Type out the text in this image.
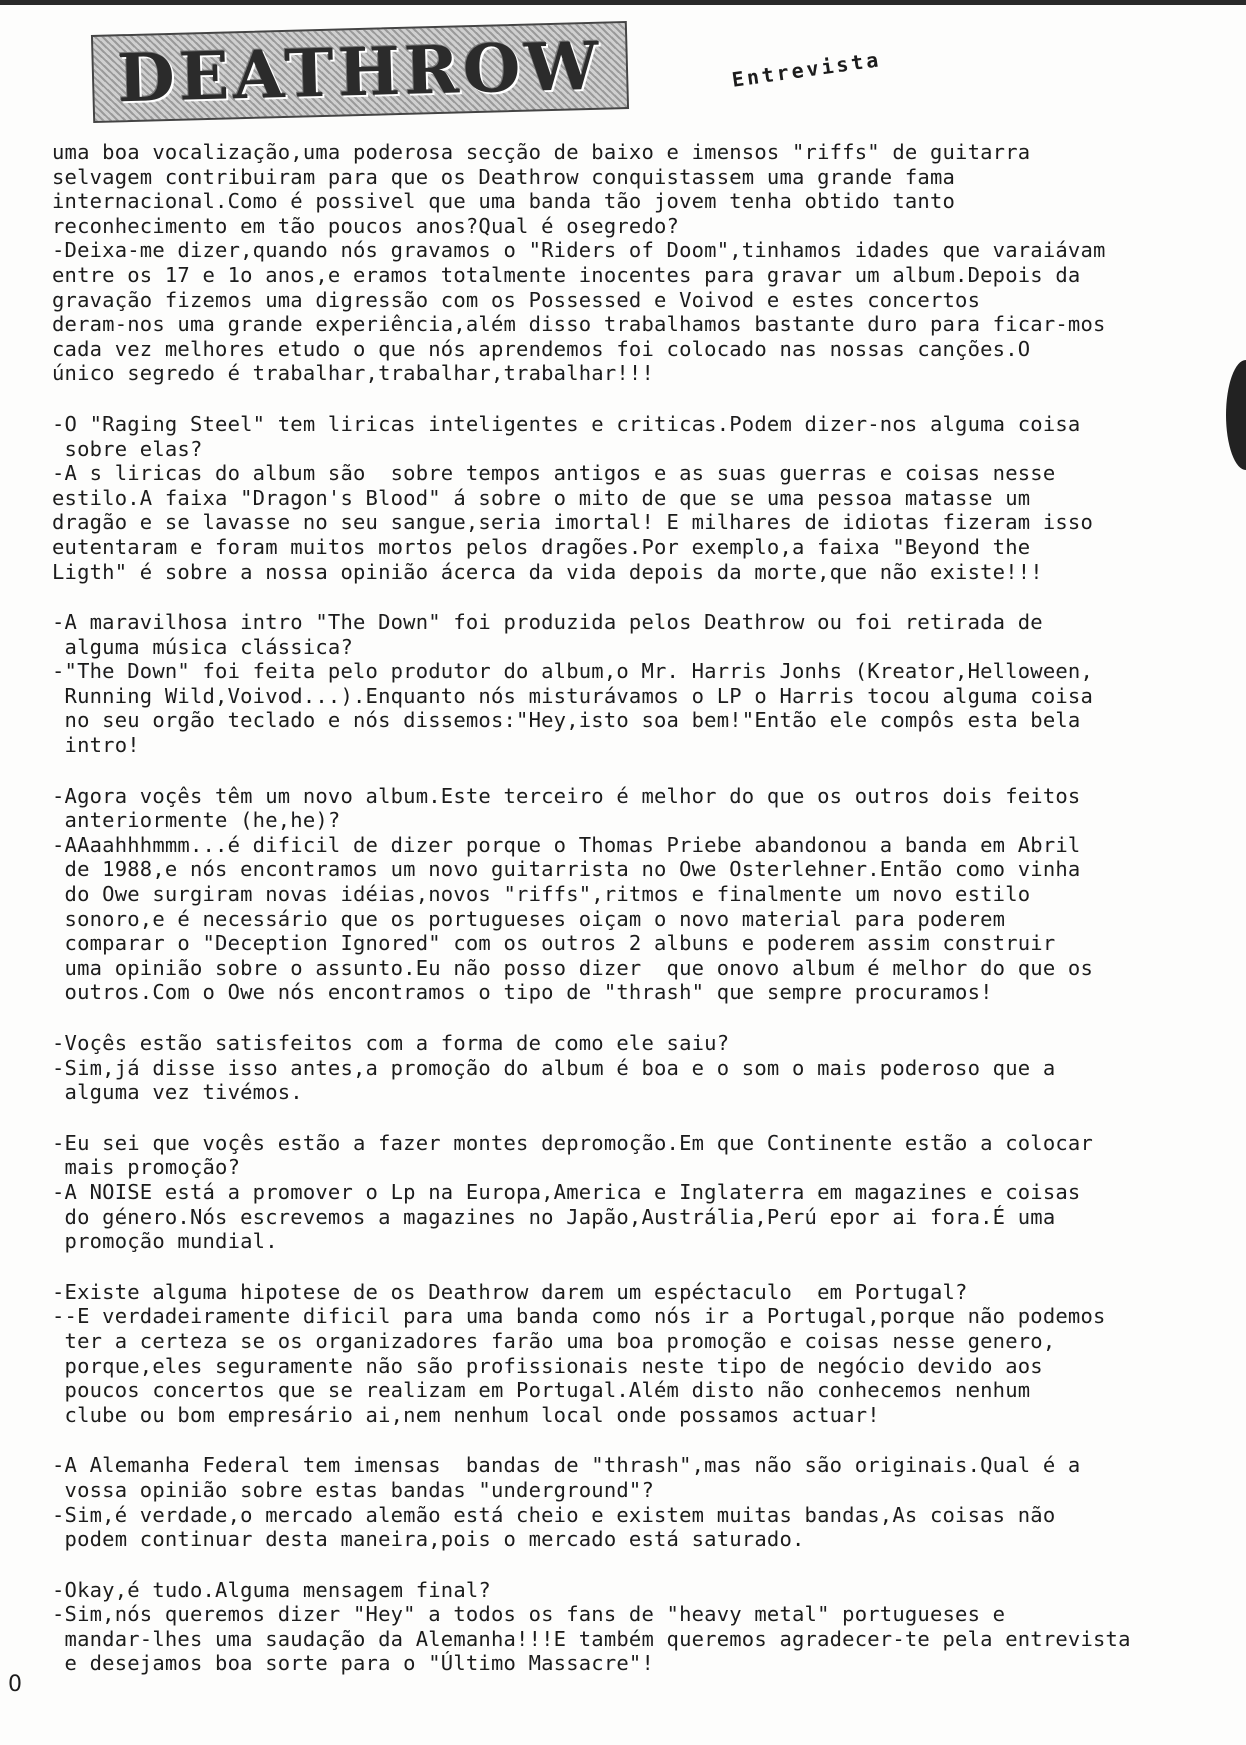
DEATHROW	Entrevista
uma boa vocalização,uma poderosa secção de baixo e imensos "riffs" de guitarra
selvagem contribuiram para que os Deathrow conquistassem uma grande fama
internacional.Como é possivel que uma banda tão jovem tenha obtido tanto
reconhecimento em tão poucos anos?Qual é osegredo?
-Deixa-me dizer,quando nós gravamos o "Riders of Doom",tinhamos idades que varaiávam
entre os 17 e 1o anos,e eramos totalmente inocentes para gravar um album.Depois da
gravação fizemos uma digressão com os Possessed e Voivod e estes concertos
deram-nos uma grande experiência,além disso trabalhamos bastante duro para ficar-mos
cada vez melhores etudo o que nós aprendemos foi colocado nas nossas canções.O
único segredo é trabalhar,trabalhar,trabalhar!!!
-O "Raging Steel" tem liricas inteligentes e criticas.Podem dizer-nos alguma coisa
sobre elas?
-A s liricas do album são  sobre tempos antigos e as suas guerras e coisas nesse
estilo.A faixa "Dragon's Blood" á sobre o mito de que se uma pessoa matasse um
dragão e se lavasse no seu sangue,seria imortal! E milhares de idiotas fizeram isso
eutentaram e foram muitos mortos pelos dragões.Por exemplo,a faixa "Beyond the
Ligth" é sobre a nossa opinião ácerca da vida depois da morte,que não existe!!!
-A maravilhosa intro "The Down" foi produzida pelos Deathrow ou foi retirada de
alguma música clássica?
-"The Down" foi feita pelo produtor do album,o Mr. Harris Jonhs (Kreator,Helloween,
Running Wild,Voivod...).Enquanto nós misturávamos o LP o Harris tocou alguma coisa
no seu orgão teclado e nós dissemos:"Hey,isto soa bem!"Então ele compôs esta bela
intro!
-Agora voçês têm um novo album.Este terceiro é melhor do que os outros dois feitos
anteriormente (he,he)?
-AAaahhhmmm...é dificil de dizer porque o Thomas Priebe abandonou a banda em Abril
de 1988,e nós encontramos um novo guitarrista no Owe Osterlehner.Então como vinha
do Owe surgiram novas idéias,novos "riffs",ritmos e finalmente um novo estilo
sonoro,e é necessário que os portugueses oiçam o novo material para poderem
comparar o "Deception Ignored" com os outros 2 albuns e poderem assim construir
uma opinião sobre o assunto.Eu não posso dizer  que onovo album é melhor do que os
outros.Com o Owe nós encontramos o tipo de "thrash" que sempre procuramos!
-Voçês estão satisfeitos com a forma de como ele saiu?
-Sim,já disse isso antes,a promoção do album é boa e o som o mais poderoso que a
alguma vez tivémos.
-Eu sei que voçês estão a fazer montes depromoção.Em que Continente estão a colocar
mais promoção?
-A NOISE está a promover o Lp na Europa,America e Inglaterra em magazines e coisas
do género.Nós escrevemos a magazines no Japão,Austrália,Perú epor ai fora.É uma
promoção mundial.
-Existe alguma hipotese de os Deathrow darem um espéctaculo  em Portugal?
--E verdadeiramente dificil para uma banda como nós ir a Portugal,porque não podemos
ter a certeza se os organizadores farão uma boa promoção e coisas nesse genero,
porque,eles seguramente não são profissionais neste tipo de negócio devido aos
poucos concertos que se realizam em Portugal.Além disto não conhecemos nenhum
clube ou bom empresário ai,nem nenhum local onde possamos actuar!
-A Alemanha Federal tem imensas  bandas de "thrash",mas não são originais.Qual é a
vossa opinião sobre estas bandas "underground"?
-Sim,é verdade,o mercado alemão está cheio e existem muitas bandas,As coisas não
podem continuar desta maneira,pois o mercado está saturado.
-Okay,é tudo.Alguma mensagem final?
-Sim,nós queremos dizer "Hey" a todos os fans de "heavy metal" portugueses e
mandar-lhes uma saudação da Alemanha!!!E também queremos agradecer-te pela entrevista
e desejamos boa sorte para o "Último Massacre"!
0
